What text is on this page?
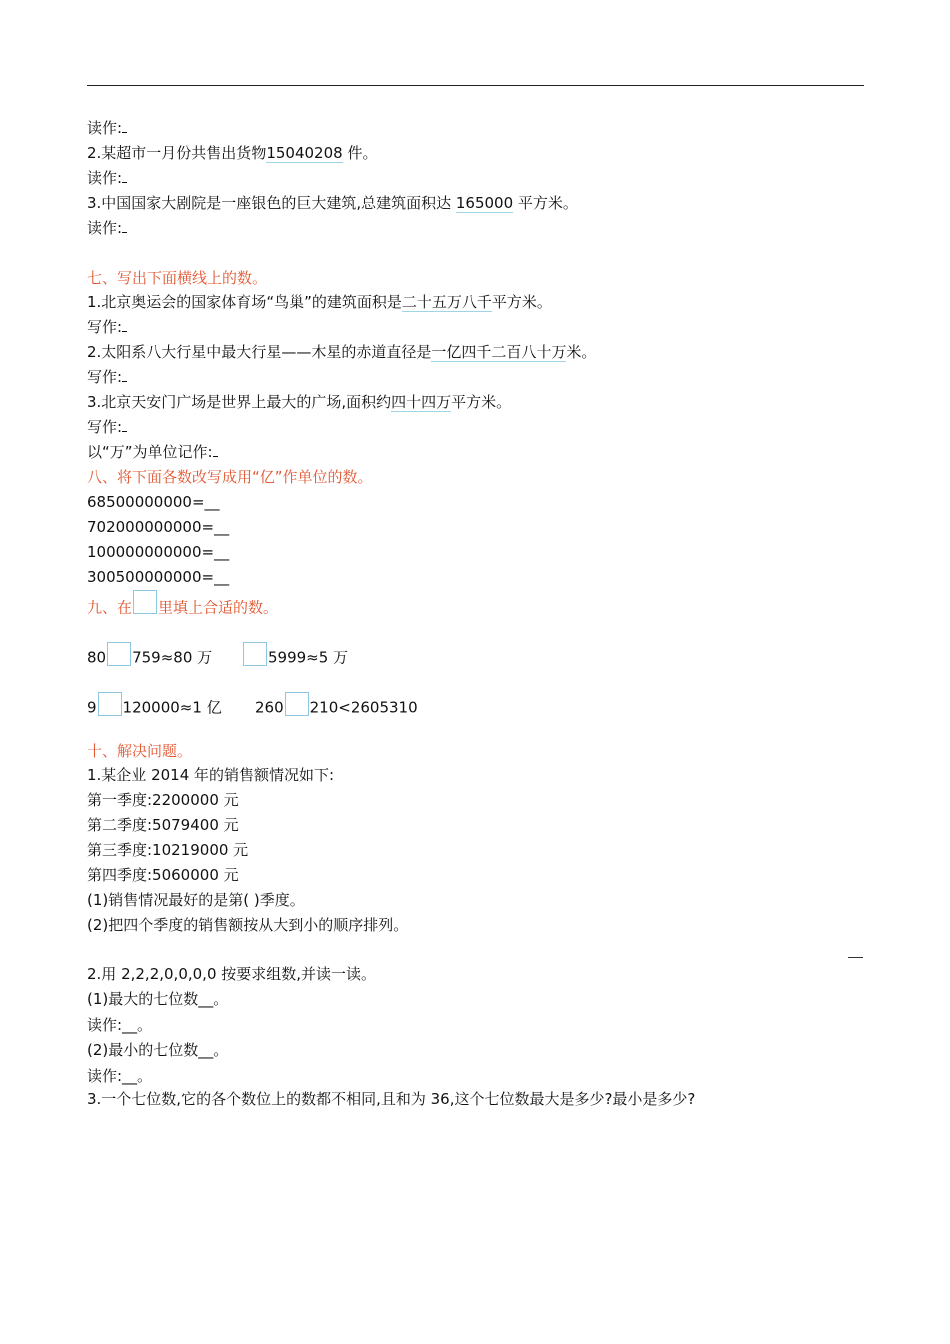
读作:
2.某超市一月份共售出货物15040208 件。
读作:
3.中国国家大剧院是一座银色的巨大建筑,总建筑面积达 165000 平方米。
读作:
七、写出下面横线上的数。
1.北京奥运会的国家体育场“鸟巢”的建筑面积是二十五万八千平方米。
写作:
2.太阳系八大行星中最大行星——木星的赤道直径是一亿四千二百八十万米。
写作:
3.北京天安门广场是世界上最大的广场,面积约四十四万平方米。
写作:
以“万”为单位记作:
八、将下面各数改写成用“亿”作单位的数。
68500000000=__
702000000000=__
100000000000=__
300500000000=__
九、在 里填上合适的数。
80 759≈80 万	5999≈5 万
9 120000≈1 亿 260 210<2605310
十、解决问题。
1.某企业 2014 年的销售额情况如下:
第一季度:2200000 元
第二季度:5079400 元
第三季度:10219000 元
第四季度:5060000 元
(1)销售情况最好的是第( )季度。
(2)把四个季度的销售额按从大到小的顺序排列。
2.用 2,2,2,0,0,0,0 按要求组数,并读一读。
(1)最大的七位数__。
读作:__。
(2)最小的七位数__。
读作:__。
3.一个七位数,它的各个数位上的数都不相同,且和为 36,这个七位数最大是多少?最小是多少?
